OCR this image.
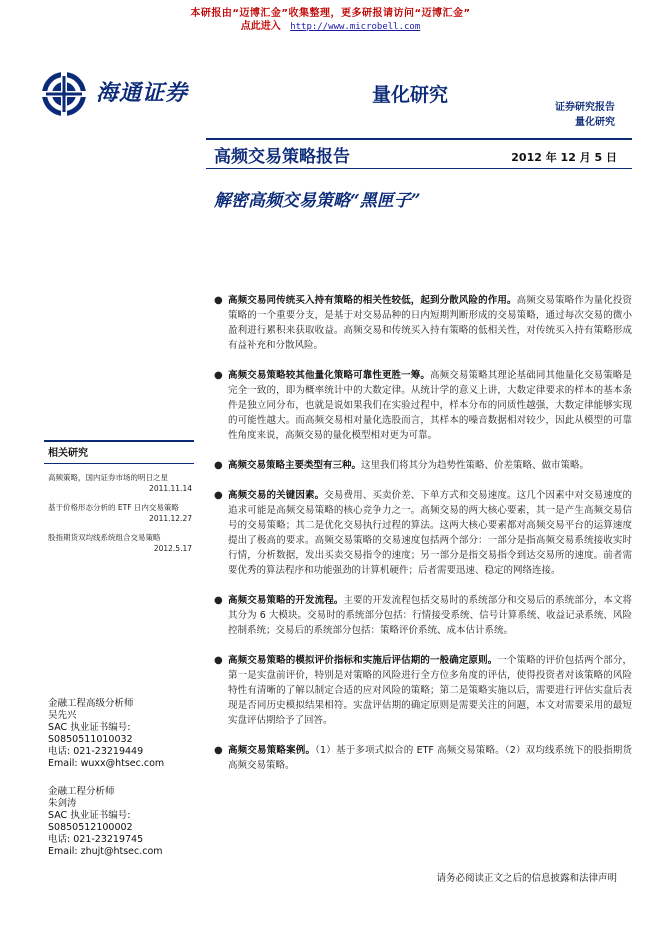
本研报由“迈博汇金”收集整理，更多研报请访问“迈博汇金”
点此进入 http://www.microbell.com
海通证券	量化研究
证券研究报告
量化研究
高频交易策略报告	2012 年 12 月 5 日
解密高频交易策略“黑匣子”
相关研究
高频策略，国内证券市场的明日之星
2011.11.14
基于价格形态分析的 ETF 日内交易策略
2011.12.27
股指期货双均线系统组合交易策略
2012.5.17
金融工程高级分析师
吴先兴
SAC 执业证书编号:
S0850511010032
电话: 021-23219449
Email: wuxx@htsec.com
金融工程分析师
朱剑涛
SAC 执业证书编号:
S0850512100002
电话: 021-23219745
Email: zhujt@htsec.com
● 高频交易同传统买入持有策略的相关性较低，起到分散风险的作用。高频交易策略作为量化投资策略的一个重要分支，是基于对交易品种的日内短期判断形成的交易策略，通过每次交易的微小盈利进行累积来获取收益。高频交易和传统买入持有策略的低相关性，对传统买入持有策略形成有益补充和分散风险。
● 高频交易策略较其他量化策略可靠性更胜一筹。高频交易策略其理论基础同其他量化交易策略是完全一致的，即为概率统计中的大数定律。从统计学的意义上讲，大数定律要求的样本的基本条件是独立同分布，也就是说如果我们在实验过程中，样本分布的同质性越强，大数定律能够实现的可能性越大。而高频交易相对量化选股而言，其样本的噪音数据相对较少，因此从模型的可靠性角度来说，高频交易的量化模型相对更为可靠。
● 高频交易策略主要类型有三种。这里我们将其分为趋势性策略、价差策略、做市策略。
● 高频交易的关键因素。交易费用、买卖价差、下单方式和交易速度。这几个因素中对交易速度的追求可能是高频交易策略的核心竞争力之一。高频交易的两大核心要素，其一是产生高频交易信号的交易策略；其二是优化交易执行过程的算法。这两大核心要素都对高频交易平台的运算速度提出了极高的要求。高频交易策略的交易速度包括两个部分：一部分是指高频交易系统接收实时行情，分析数据，发出买卖交易指令的速度；另一部分是指交易指令到达交易所的速度。前者需要优秀的算法程序和功能强劲的计算机硬件；后者需要迅速、稳定的网络连接。
● 高频交易策略的开发流程。主要的开发流程包括交易时的系统部分和交易后的系统部分，本文将其分为 6 大模块。交易时的系统部分包括：行情接受系统、信号计算系统、收益记录系统、风险控制系统；交易后的系统部分包括：策略评价系统、成本估计系统。
● 高频交易策略的模拟评价指标和实施后评估期的一般确定原则。一个策略的评价包括两个部分，第一是实盘前评价，特别是对策略的风险进行全方位多角度的评估，使得投资者对该策略的风险特性有清晰的了解以制定合适的应对风险的策略；第二是策略实施以后，需要进行评估实盘后表现是否同历史模拟结果相符。实盘评估期的确定原则是需要关注的问题，本文对需要采用的最短实盘评估期给予了回答。
● 高频交易策略案例。（1）基于多项式拟合的 ETF 高频交易策略。（2）双均线系统下的股指期货高频交易策略。
请务必阅读正文之后的信息披露和法律声明
